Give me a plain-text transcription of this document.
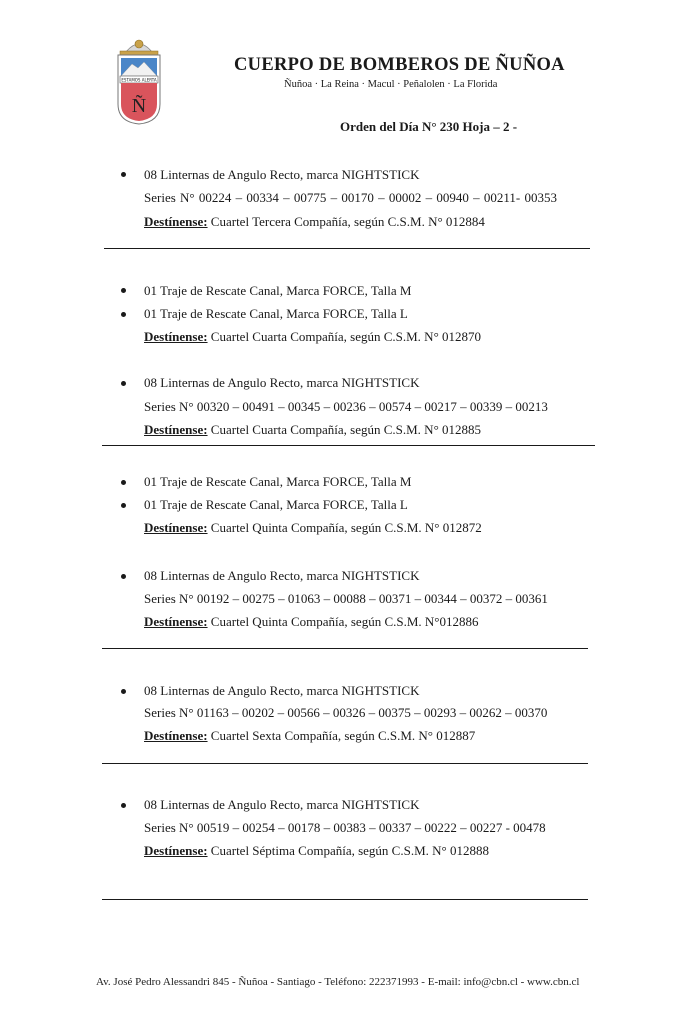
ESTAMOS ALERTA
Ñ
CUERPO DE BOMBEROS DE ÑUÑOA
Ñuñoa · La Reina · Macul · Peñalolen · La Florida
Orden del Día N° 230 Hoja – 2 -
08 Linternas de Angulo Recto, marca NIGHTSTICK
Series N° 00224 – 00334 – 00775 – 00170 – 00002 – 00940 – 00211- 00353
Destínense: Cuartel Tercera Compañía, según C.S.M. N° 012884
01 Traje de Rescate Canal, Marca FORCE, Talla M
01 Traje de Rescate Canal, Marca FORCE, Talla L
Destínense: Cuartel Cuarta Compañía, según C.S.M. N° 012870
08 Linternas de Angulo Recto, marca NIGHTSTICK
Series N° 00320 – 00491 – 00345 – 00236 – 00574 – 00217 – 00339 – 00213
Destínense: Cuartel Cuarta Compañía, según C.S.M. N° 012885
01 Traje de Rescate Canal, Marca FORCE, Talla M
01 Traje de Rescate Canal, Marca FORCE, Talla L
Destínense: Cuartel Quinta Compañía, según C.S.M. N° 012872
08 Linternas de Angulo Recto, marca NIGHTSTICK
Series N° 00192 – 00275 – 01063 – 00088 – 00371 – 00344 – 00372 – 00361
Destínense: Cuartel Quinta Compañía, según C.S.M. N°012886
08 Linternas de Angulo Recto, marca NIGHTSTICK
Series N° 01163 – 00202 – 00566 – 00326 – 00375 – 00293 – 00262 – 00370
Destínense: Cuartel Sexta Compañía, según C.S.M. N° 012887
08 Linternas de Angulo Recto, marca NIGHTSTICK
Series N° 00519 – 00254 – 00178 – 00383 – 00337 – 00222 – 00227 - 00478
Destínense: Cuartel Séptima Compañía, según C.S.M. N° 012888
Av. José Pedro Alessandri 845 - Ñuñoa - Santiago - Teléfono: 222371993 - E-mail: info@cbn.cl - www.cbn.cl
